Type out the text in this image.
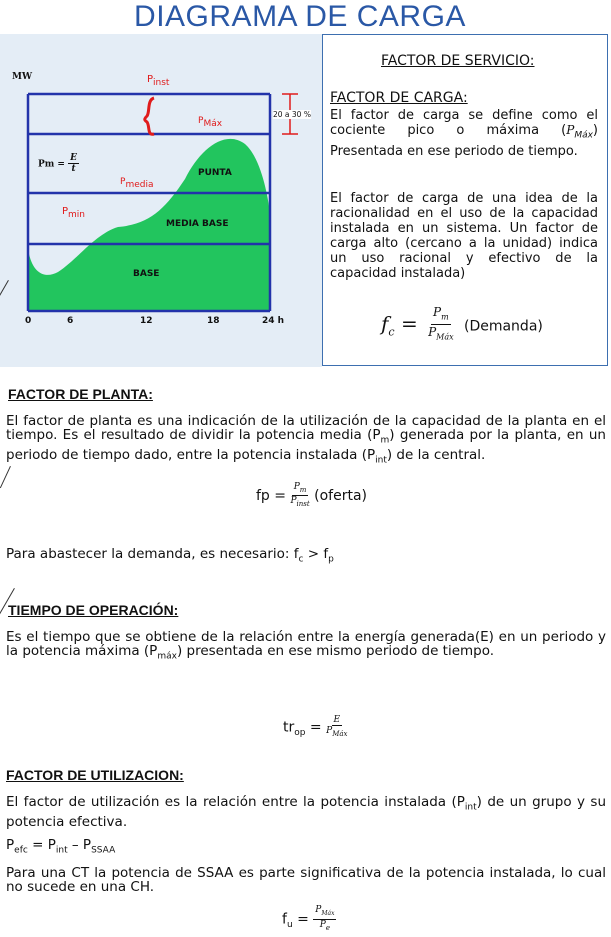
DIAGRAMA DE CARGA
MW	$P_{inst}$
$P_{Máx}$
$P_{media}$
$P_{min}$
$Pm = \frac{E}{t}$
20 a 30 %
PUNTA
MEDIA BASE
BASE
0	6	12	18	24 h
FACTOR DE SERVICIO:
FACTOR DE CARGA:
El factor de carga se define como el cociente pico o máxima $(P_{Máx})$ Presentada en ese periodo de tiempo.
El factor de carga de una idea de la racionalidad en el uso de la capacidad instalada en un sistema. Un factor de carga alto (cercano a la unidad) indica un uso racional y efectivo de la capacidad instalada)
$f_c = \frac{P_m}{P_{Máx}}$ (Demanda)
FACTOR DE PLANTA:
El factor de planta es una indicación de la utilización de la capacidad de la planta en el tiempo. Es el resultado de dividir la potencia media $(P_m)$ generada por la planta, en un periodo de tiempo dado, entre la potencia instalada $(P_{int})$ de la central.
fp = $\frac{P_m}{P_{inst}}$ (oferta)
Para abastecer la demanda, es necesario: $f_c > f_p$
TIEMPO DE OPERACIÓN:
Es el tiempo que se obtiene de la relación entre la energía generada(E) en un periodo y la potencia máxima $(P_{máx})$ presentada en ese mismo periodo de tiempo.
$tr_{op} = \frac{E}{P_{Máx}}$
FACTOR DE UTILIZACION:
El factor de utilización es la relación entre la potencia instalada $(P_{int})$ de un grupo y su potencia efectiva.
$P_{efc} = P_{int} - P_{SSAA}$
Para una CT la potencia de SSAA es parte significativa de la potencia instalada, lo cual no sucede en una CH.
$f_u = \frac{P_{Máx}}{P_e}$
